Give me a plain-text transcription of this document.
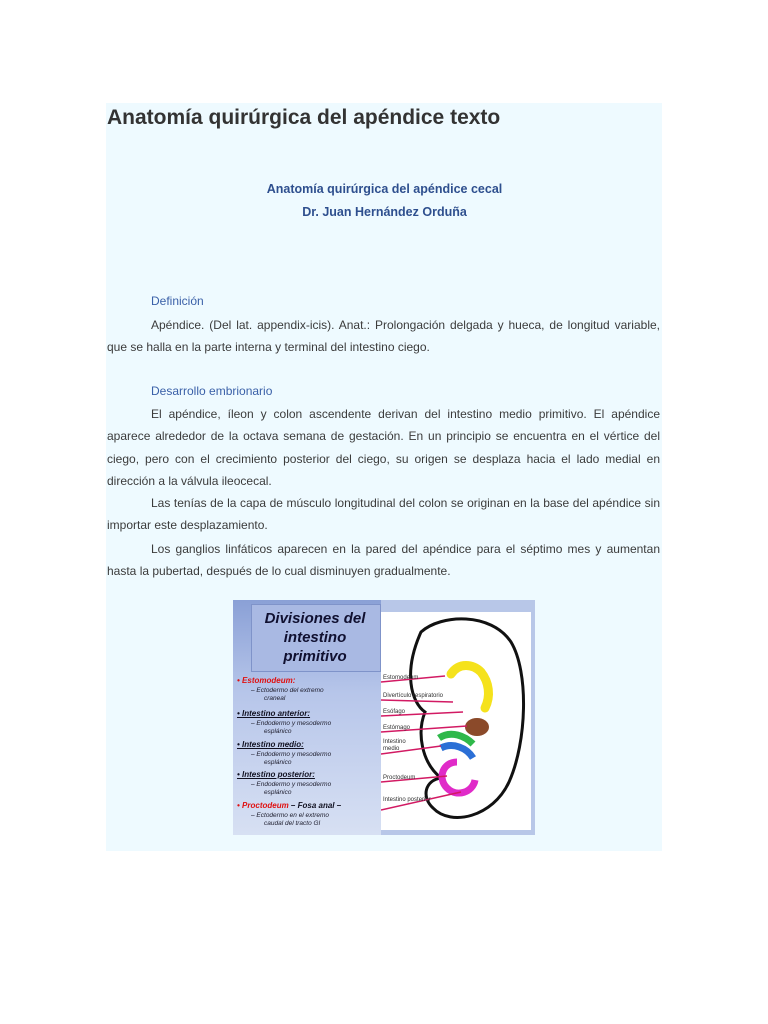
Anatomía quirúrgica del apéndice texto
Anatomía quirúrgica del apéndice cecal
Dr. Juan Hernández Orduña
Definición

Apéndice. (Del lat. appendix-icis). Anat.: Prolongación delgada y hueca, de longitud variable, que se halla en la parte interna y terminal del intestino ciego.

Desarrollo embrionario

El apéndice, íleon y colon ascendente derivan del intestino medio primitivo. El apéndice aparece alrededor de la octava semana de gestación. En un principio se encuentra en el vértice del ciego, pero con el crecimiento posterior del ciego, su origen se desplaza hacia el lado medial en dirección a la válvula ileocecal.

Las tenías de la capa de músculo longitudinal del colon se originan en la base del apéndice sin importar este desplazamiento.

Los ganglios linfáticos aparecen en la pared del apéndice para el séptimo mes y aumentan hasta la pubertad, después de lo cual disminuyen gradualmente.

Divisiones del
intestino
primitivo
• Estomodeum:
– Ectodermo del extremo
craneal
• Intestino anterior:
– Endodermo y mesodermo
esplánico
• Intestino medio:
– Endodermo y mesodermo
esplánico
• Intestino posterior:
– Endodermo y mesodermo
esplánico
• Proctodeum – Fosa anal –
– Ectodermo en el extremo
caudal del tracto GI
Estomodeum
Divertículo respiratorio
Esófago
Estómago
Intestino
medio
Proctodeum
Intestino posterior
